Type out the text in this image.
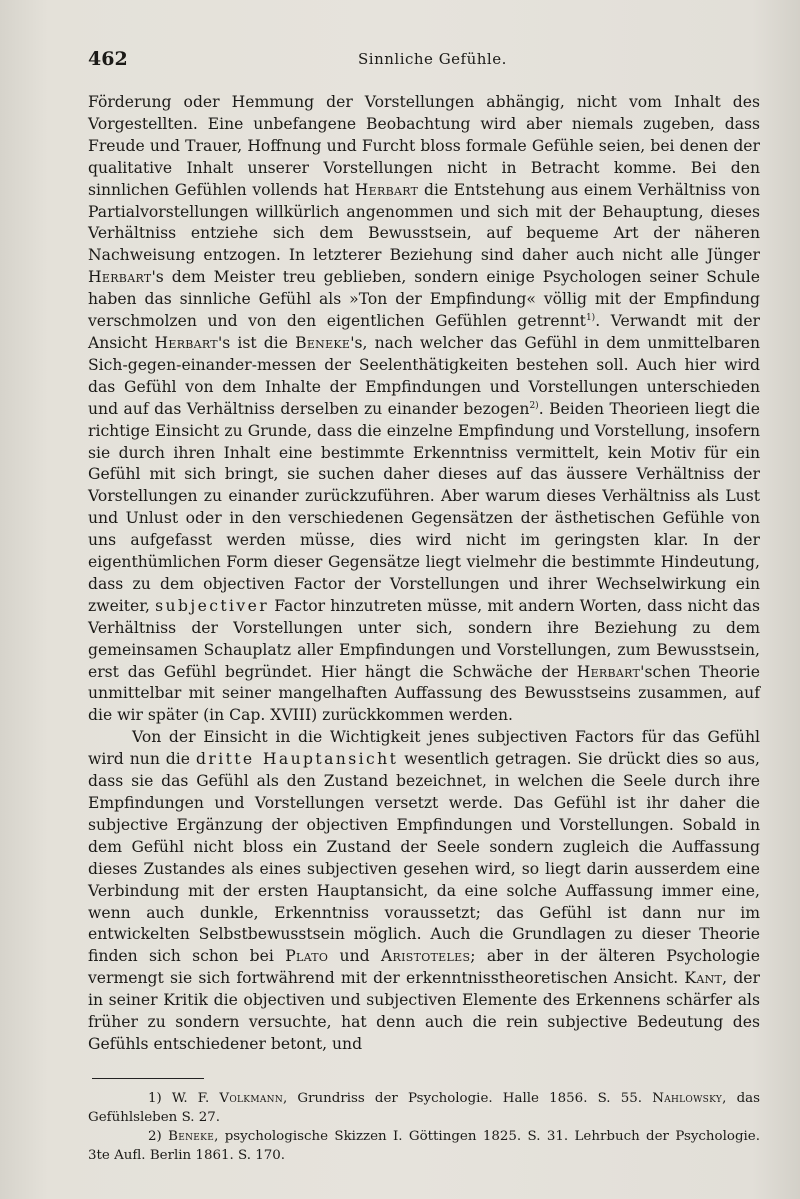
462	Sinnliche Gefühle.

Förderung oder Hemmung der Vorstellungen abhängig, nicht vom Inhalt des Vorgestellten. Eine unbefangene Beobachtung wird aber niemals zugeben, dass Freude und Trauer, Hoffnung und Furcht bloss formale Gefühle seien, bei denen der qualitative Inhalt unserer Vorstellungen nicht in Betracht komme. Bei den sinnlichen Gefühlen vollends hat Herbart die Entstehung aus einem Verhältniss von Partialvorstellungen willkürlich angenommen und sich mit der Behauptung, dieses Verhältniss entziehe sich dem Bewusstsein, auf bequeme Art der näheren Nachweisung entzogen. In letzterer Beziehung sind daher auch nicht alle Jünger Herbart's dem Meister treu geblieben, sondern einige Psychologen seiner Schule haben das sinnliche Gefühl als »Ton der Empfindung« völlig mit der Empfindung verschmolzen und von den eigentlichen Gefühlen getrennt$^{1)}$. Verwandt mit der Ansicht Herbart's ist die Beneke's, nach welcher das Gefühl in dem unmittelbaren Sich-gegen-einander-messen der Seelenthätigkeiten bestehen soll. Auch hier wird das Gefühl von dem Inhalte der Empfindungen und Vorstellungen unterschieden und auf das Verhältniss derselben zu einander bezogen$^{2)}$. Beiden Theorieen liegt die richtige Einsicht zu Grunde, dass die einzelne Empfindung und Vorstellung, insofern sie durch ihren Inhalt eine bestimmte Erkenntniss vermittelt, kein Motiv für ein Gefühl mit sich bringt, sie suchen daher dieses auf das äussere Verhältniss der Vorstellungen zu einander zurückzuführen. Aber warum dieses Verhältniss als Lust und Unlust oder in den verschiedenen Gegensätzen der ästhetischen Gefühle von uns aufgefasst werden müsse, dies wird nicht im geringsten klar. In der eigenthümlichen Form dieser Gegensätze liegt vielmehr die bestimmte Hindeutung, dass zu dem objectiven Factor der Vorstellungen und ihrer Wechselwirkung ein zweiter, subjectiver Factor hinzutreten müsse, mit andern Worten, dass nicht das Verhältniss der Vorstellungen unter sich, sondern ihre Beziehung zu dem gemeinsamen Schauplatz aller Empfindungen und Vorstellungen, zum Bewusstsein, erst das Gefühl begründet. Hier hängt die Schwäche der Herbart'schen Theorie unmittelbar mit seiner mangelhaften Auffassung des Bewusstseins zusammen, auf die wir später (in Cap. XVIII) zurückkommen werden.

Von der Einsicht in die Wichtigkeit jenes subjectiven Factors für das Gefühl wird nun die dritte Hauptansicht wesentlich getragen. Sie drückt dies so aus, dass sie das Gefühl als den Zustand bezeichnet, in welchen die Seele durch ihre Empfindungen und Vorstellungen versetzt werde. Das Gefühl ist ihr daher die subjective Ergänzung der objectiven Empfindungen und Vorstellungen. Sobald in dem Gefühl nicht bloss ein Zustand der Seele sondern zugleich die Auffassung dieses Zustandes als eines subjectiven gesehen wird, so liegt darin ausserdem eine Verbindung mit der ersten Hauptansicht, da eine solche Auffassung immer eine, wenn auch dunkle, Erkenntniss voraussetzt; das Gefühl ist dann nur im entwickelten Selbstbewusstsein möglich. Auch die Grundlagen zu dieser Theorie finden sich schon bei Plato und Aristoteles; aber in der älteren Psychologie vermengt sie sich fortwährend mit der erkenntnisstheoretischen Ansicht. Kant, der in seiner Kritik die objectiven und subjectiven Elemente des Erkennens schärfer als früher zu sondern versuchte, hat denn auch die rein subjective Bedeutung des Gefühls entschiedener betont, und

1) W. F. Volkmann, Grundriss der Psychologie. Halle 1856. S. 55. Nahlowsky, das Gefühlsleben S. 27.

2) Beneke, psychologische Skizzen I. Göttingen 1825. S. 31. Lehrbuch der Psychologie. 3te Aufl. Berlin 1861. S. 170.
